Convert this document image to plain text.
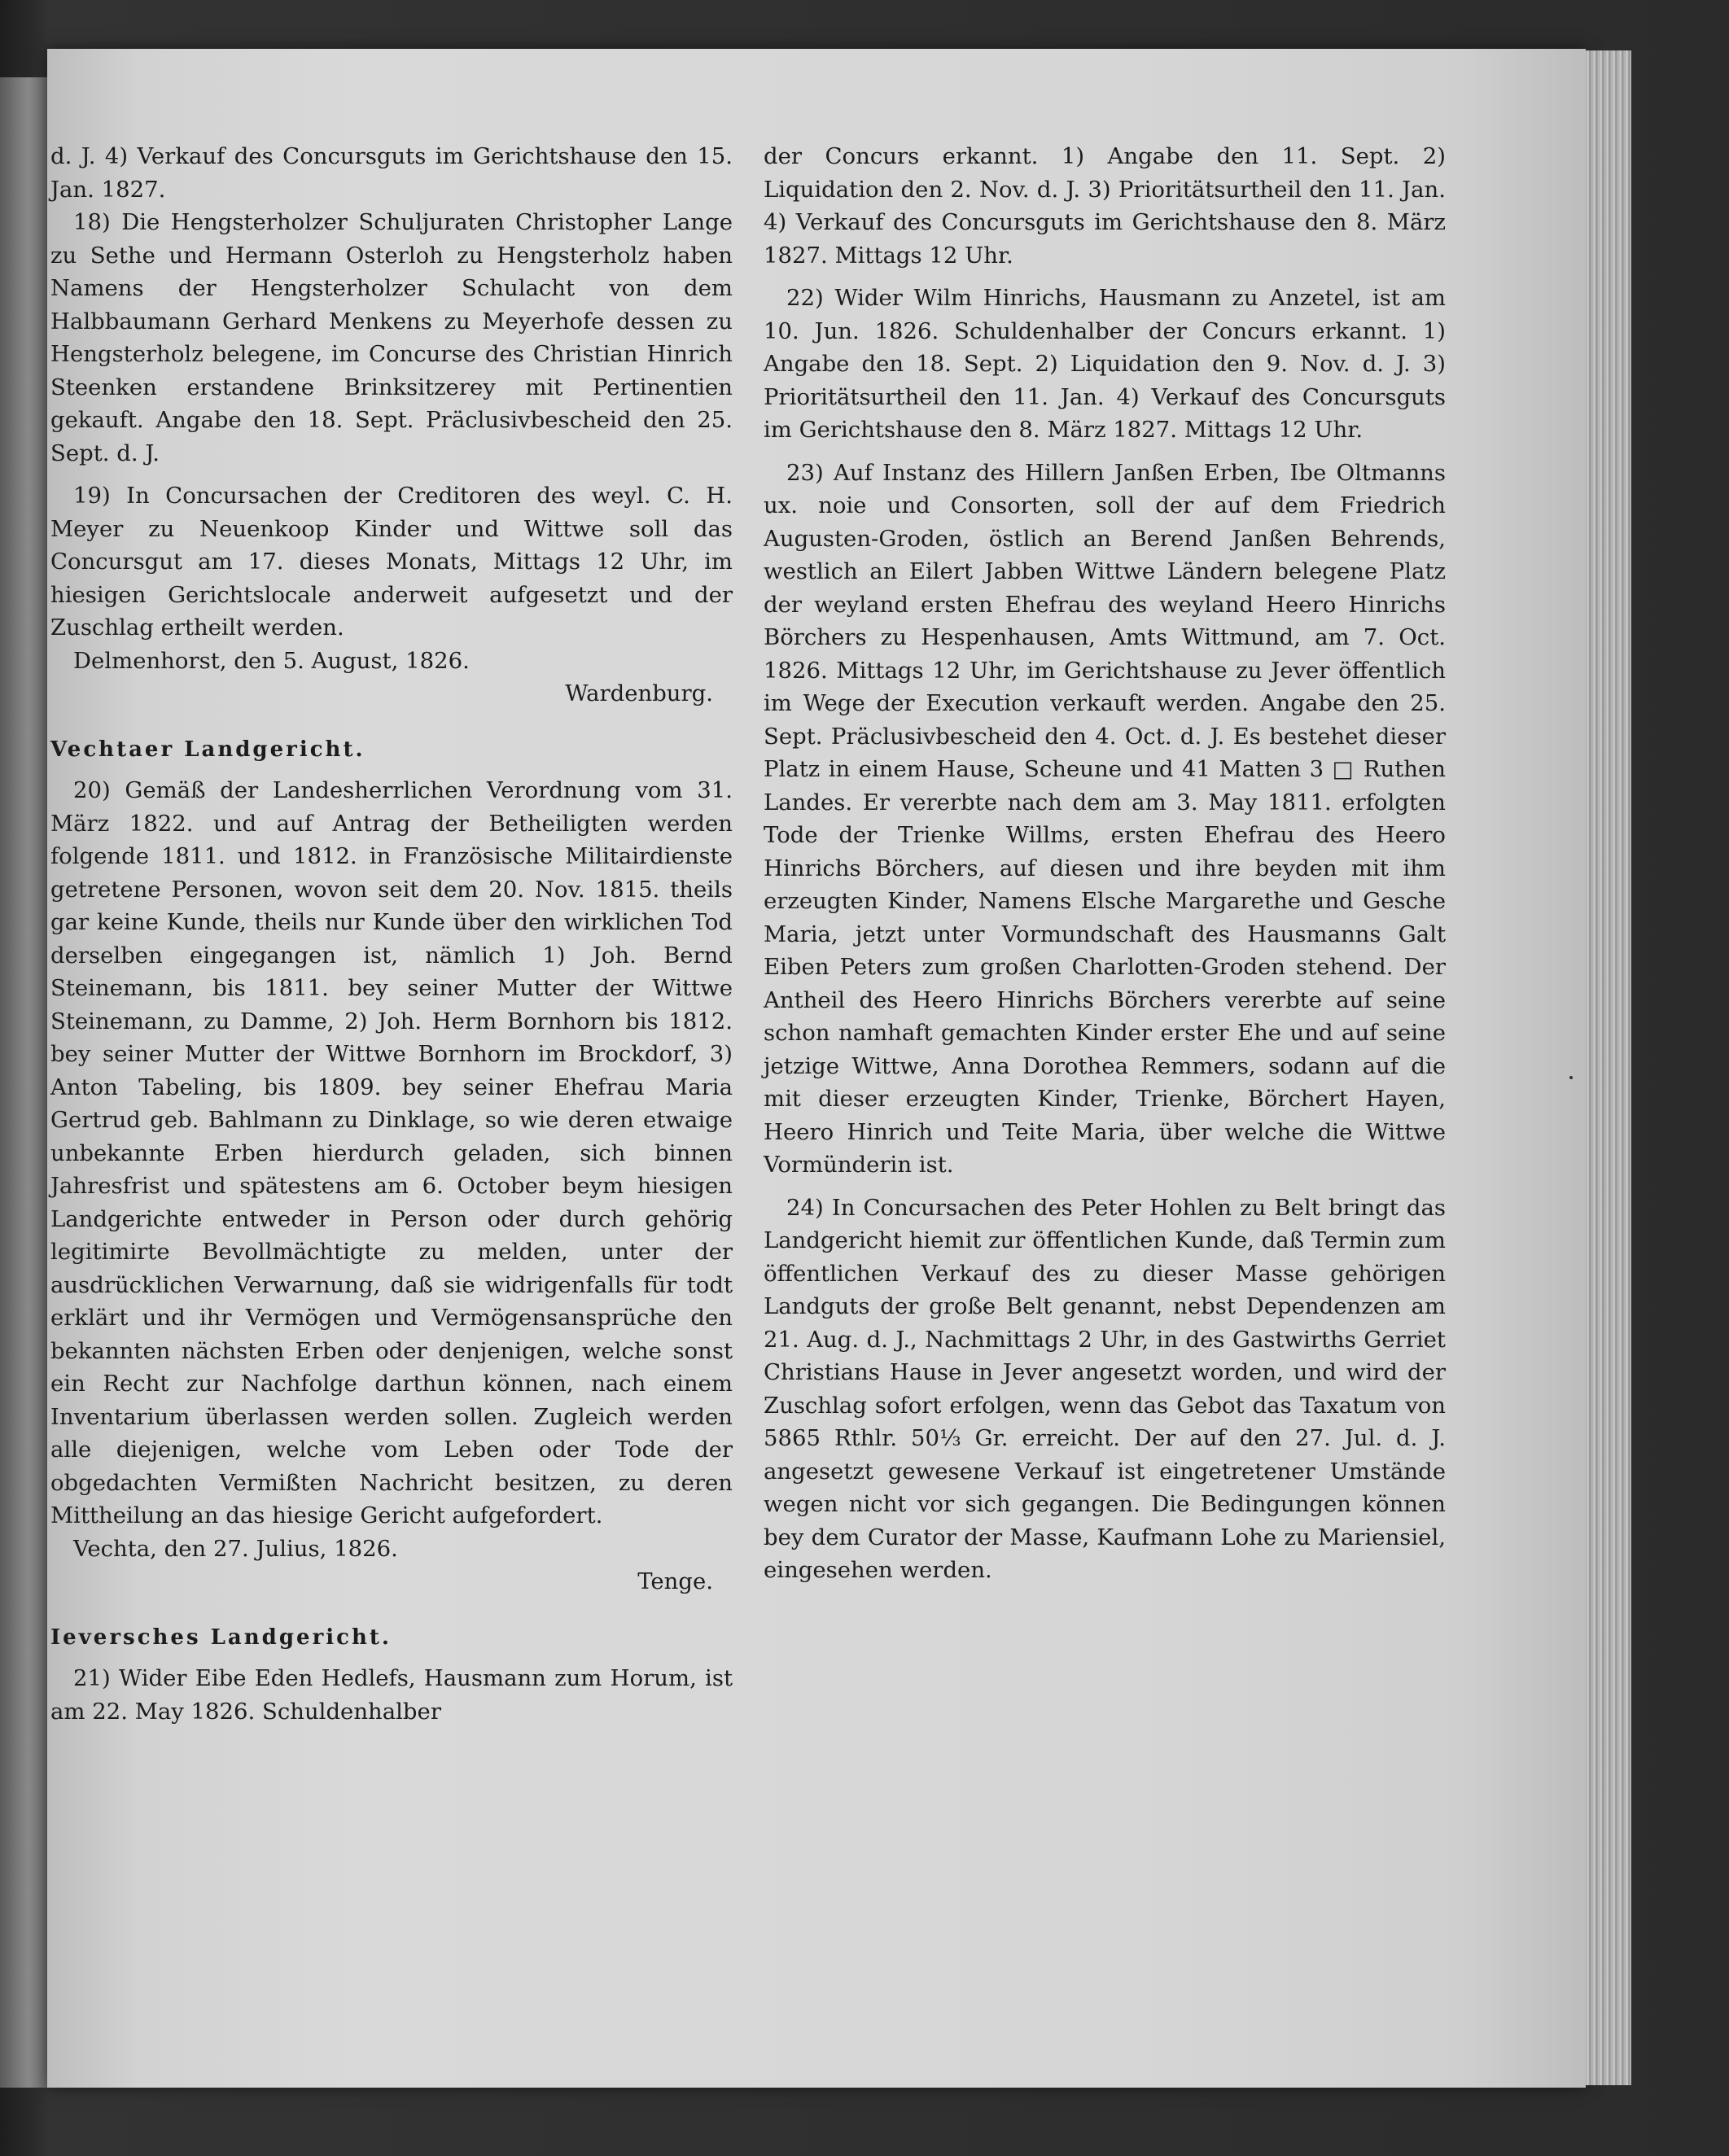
d. J. 4) Verkauf des Concursguts im Gerichtshause den 15. Jan. 1827.
18) Die Hengsterholzer Schuljuraten Christopher Lange zu Sethe und Hermann Osterloh zu Hengsterholz haben Namens der Hengsterholzer Schulacht von dem Halbbaumann Gerhard Menkens zu Meyerhofe dessen zu Hengsterholz belegene, im Concurse des Christian Hinrich Steenken erstandene Brinksitzerey mit Pertinentien gekauft. Angabe den 18. Sept. Präclusivbescheid den 25. Sept. d. J.
19) In Concursachen der Creditoren des weyl. C. H. Meyer zu Neuenkoop Kinder und Wittwe soll das Concursgut am 17. dieses Monats, Mittags 12 Uhr, im hiesigen Gerichtslocale anderweit aufgesetzt und der Zuschlag ertheilt werden.
Delmenhorst, den 5. August, 1826.
Wardenburg.
Vechtaer Landgericht.
20) Gemäß der Landesherrlichen Verordnung vom 31. März 1822. und auf Antrag der Betheiligten werden folgende 1811. und 1812. in Französische Militairdienste getretene Personen, wovon seit dem 20. Nov. 1815. theils gar keine Kunde, theils nur Kunde über den wirklichen Tod derselben eingegangen ist, nämlich 1) Joh. Bernd Steinemann, bis 1811. bey seiner Mutter der Wittwe Steinemann, zu Damme, 2) Joh. Herm Bornhorn bis 1812. bey seiner Mutter der Wittwe Bornhorn im Brockdorf, 3) Anton Tabeling, bis 1809. bey seiner Ehefrau Maria Gertrud geb. Bahlmann zu Dinklage, so wie deren etwaige unbekannte Erben hierdurch geladen, sich binnen Jahresfrist und spätestens am 6. October beym hiesigen Landgerichte entweder in Person oder durch gehörig legitimirte Bevollmächtigte zu melden, unter der ausdrücklichen Verwarnung, daß sie widrigenfalls für todt erklärt und ihr Vermögen und Vermögensansprüche den bekannten nächsten Erben oder denjenigen, welche sonst ein Recht zur Nachfolge darthun können, nach einem Inventarium überlassen werden sollen. Zugleich werden alle diejenigen, welche vom Leben oder Tode der obgedachten Vermißten Nachricht besitzen, zu deren Mittheilung an das hiesige Gericht aufgefordert.
Vechta, den 27. Julius, 1826.
Tenge.
Ieversches Landgericht.
21) Wider Eibe Eden Hedlefs, Hausmann zum Horum, ist am 22. May 1826. Schuldenhalber
der Concurs erkannt. 1) Angabe den 11. Sept. 2) Liquidation den 2. Nov. d. J. 3) Prioritätsurtheil den 11. Jan. 4) Verkauf des Concursguts im Gerichtshause den 8. März 1827. Mittags 12 Uhr.
22) Wider Wilm Hinrichs, Hausmann zu Anzetel, ist am 10. Jun. 1826. Schuldenhalber der Concurs erkannt. 1) Angabe den 18. Sept. 2) Liquidation den 9. Nov. d. J. 3) Prioritätsurtheil den 11. Jan. 4) Verkauf des Concursguts im Gerichtshause den 8. März 1827. Mittags 12 Uhr.
23) Auf Instanz des Hillern Janßen Erben, Ibe Oltmanns ux. noie und Consorten, soll der auf dem Friedrich Augusten-Groden, östlich an Berend Janßen Behrends, westlich an Eilert Jabben Wittwe Ländern belegene Platz der weyland ersten Ehefrau des weyland Heero Hinrichs Börchers zu Hespenhausen, Amts Wittmund, am 7. Oct. 1826. Mittags 12 Uhr, im Gerichtshause zu Jever öffentlich im Wege der Execution verkauft werden. Angabe den 25. Sept. Präclusivbescheid den 4. Oct. d. J. Es bestehet dieser Platz in einem Hause, Scheune und 41 Matten 3 □ Ruthen Landes. Er vererbte nach dem am 3. May 1811. erfolgten Tode der Trienke Willms, ersten Ehefrau des Heero Hinrichs Börchers, auf diesen und ihre beyden mit ihm erzeugten Kinder, Namens Elsche Margarethe und Gesche Maria, jetzt unter Vormundschaft des Hausmanns Galt Eiben Peters zum großen Charlotten-Groden stehend. Der Antheil des Heero Hinrichs Börchers vererbte auf seine schon namhaft gemachten Kinder erster Ehe und auf seine jetzige Wittwe, Anna Dorothea Remmers, sodann auf die mit dieser erzeugten Kinder, Trienke, Börchert Hayen, Heero Hinrich und Teite Maria, über welche die Wittwe Vormünderin ist.
24) In Concursachen des Peter Hohlen zu Belt bringt das Landgericht hiemit zur öffentlichen Kunde, daß Termin zum öffentlichen Verkauf des zu dieser Masse gehörigen Landguts der große Belt genannt, nebst Dependenzen am 21. Aug. d. J., Nachmittags 2 Uhr, in des Gastwirths Gerriet Christians Hause in Jever angesetzt worden, und wird der Zuschlag sofort erfolgen, wenn das Gebot das Taxatum von 5865 Rthlr. 50⅓ Gr. erreicht. Der auf den 27. Jul. d. J. angesetzt gewesene Verkauf ist eingetretener Umstände wegen nicht vor sich gegangen. Die Bedingungen können bey dem Curator der Masse, Kaufmann Lohe zu Mariensiel, eingesehen werden.
